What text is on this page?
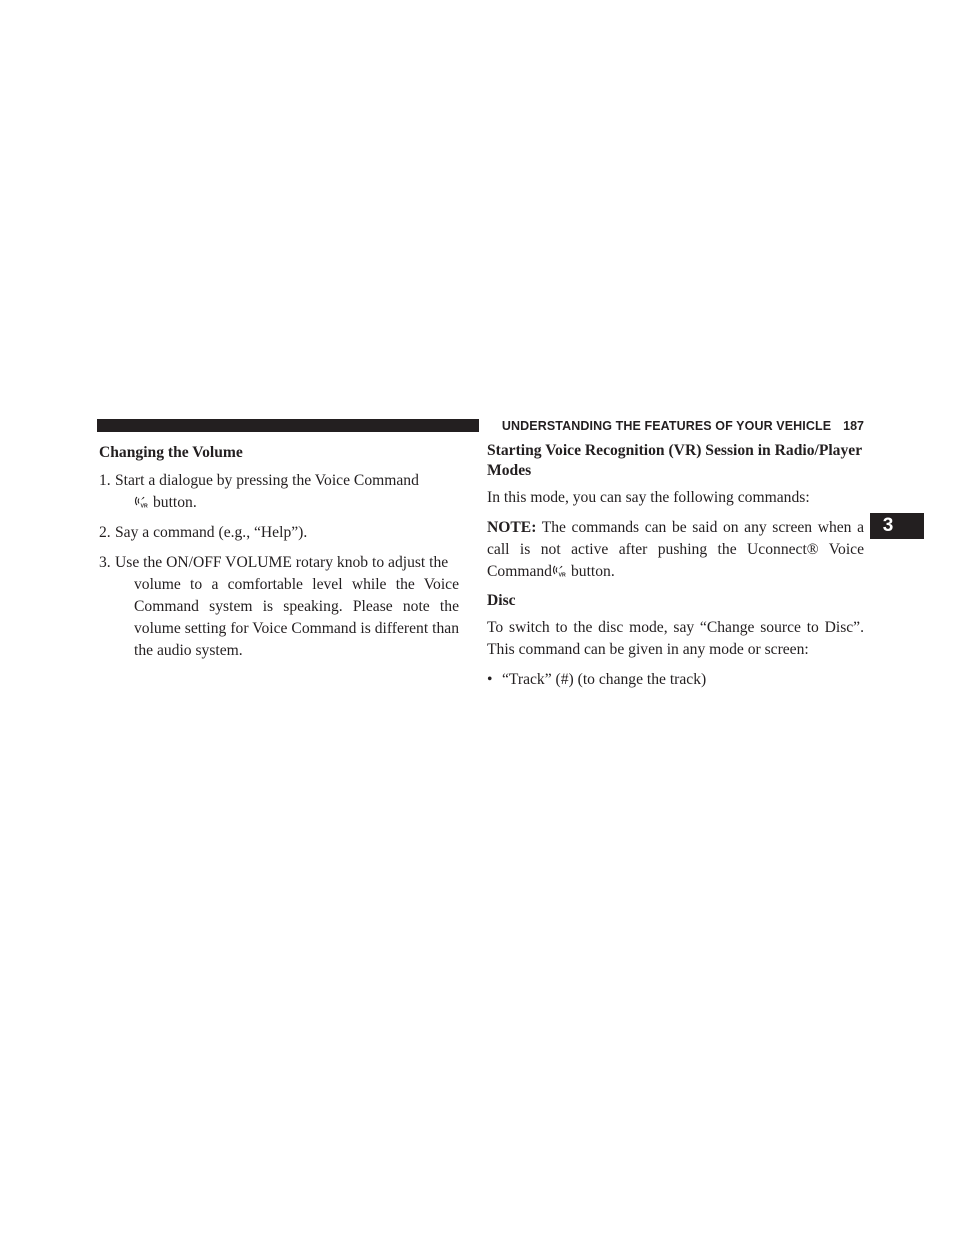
UNDERSTANDING THE FEATURES OF YOUR VEHICLE 187
3
Changing the Volume
1. Start a dialogue by pressing the Voice Command
VR button.
2. Say a command (e.g., “Help”).
3. Use the ON/OFF VOLUME rotary knob to adjust the
volume to a comfortable level while the Voice Command system is speaking. Please note the volume setting for Voice Command is different than the audio system.
Starting Voice Recognition (VR) Session in Radio/Player Modes

In this mode, you can say the following commands:

NOTE: The commands can be said on any screen when a call is not active after pushing the Uconnect® Voice Command VR button.

Disc

To switch to the disc mode, say “Change source to Disc”. This command can be given in any mode or screen:

• “Track” (#) (to change the track)
